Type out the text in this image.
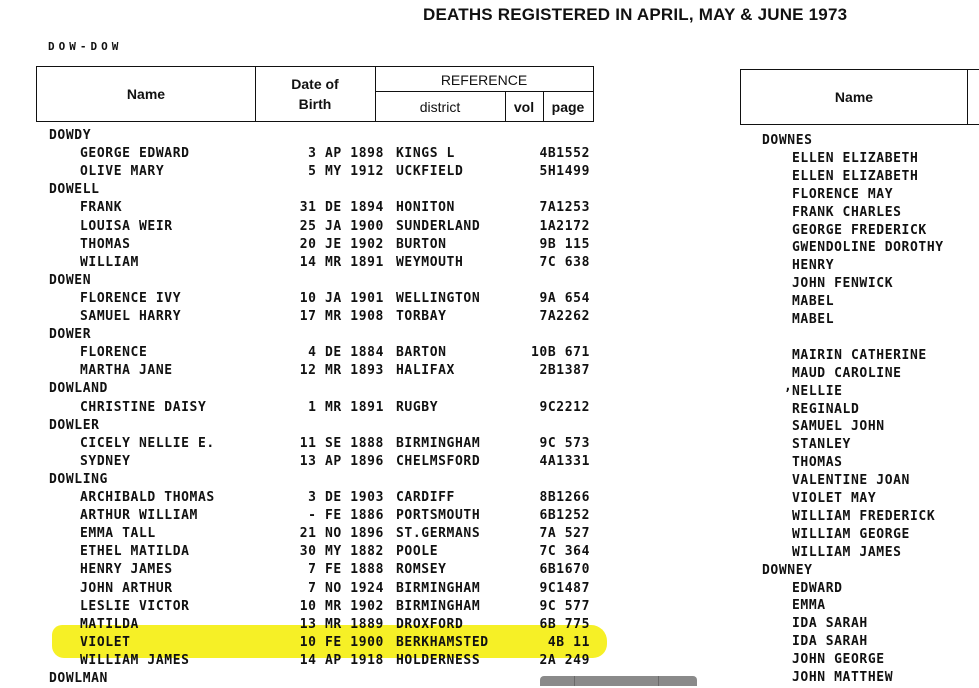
DEATHS REGISTERED IN APRIL, MAY & JUNE 1973
DOW-DOW
Name
Date of
Birth
REFERENCE
district	vol	page
Name
,
DOWDY
GEORGE EDWARD	3 AP 1898 KINGS L	4B1552
OLIVE MARY	5 MY 1912 UCKFIELD	5H1499
DOWELL
FRANK	31 DE 1894 HONITON	7A1253
LOUISA WEIR	25 JA 1900 SUNDERLAND	1A2172
THOMAS	20 JE 1902 BURTON	9B 115
WILLIAM	14 MR 1891 WEYMOUTH	7C 638
DOWEN
FLORENCE IVY	10 JA 1901 WELLINGTON	9A 654
SAMUEL HARRY	17 MR 1908 TORBAY	7A2262
DOWER
FLORENCE	4 DE 1884 BARTON	10B 671
MARTHA JANE	12 MR 1893 HALIFAX	2B1387
DOWLAND
CHRISTINE DAISY	1 MR 1891 RUGBY	9C2212
DOWLER
CICELY NELLIE E.	11 SE 1888 BIRMINGHAM	9C 573
SYDNEY	13 AP 1896 CHELMSFORD	4A1331
DOWLING
ARCHIBALD THOMAS	3 DE 1903 CARDIFF	8B1266
ARTHUR WILLIAM	- FE 1886 PORTSMOUTH	6B1252
EMMA TALL	21 NO 1896 ST.GERMANS	7A 527
ETHEL MATILDA	30 MY 1882 POOLE	7C 364
HENRY JAMES	7 FE 1888 ROMSEY	6B1670
JOHN ARTHUR	7 NO 1924 BIRMINGHAM	9C1487
LESLIE VICTOR	10 MR 1902 BIRMINGHAM	9C 577
MATILDA	13 MR 1889 DROXFORD	6B 775
VIOLET	10 FE 1900 BERKHAMSTED	4B 11
WILLIAM JAMES	14 AP 1918 HOLDERNESS	2A 249
DOWLMAN
DOWNES
ELLEN ELIZABETH
ELLEN ELIZABETH
FLORENCE MAY
FRANK CHARLES
GEORGE FREDERICK
GWENDOLINE DOROTHY
HENRY
JOHN FENWICK
MABEL
MABEL
MAIRIN CATHERINE
MAUD CAROLINE
NELLIE
REGINALD
SAMUEL JOHN
STANLEY
THOMAS
VALENTINE JOAN
VIOLET MAY
WILLIAM FREDERICK
WILLIAM GEORGE
WILLIAM JAMES
DOWNEY
EDWARD
EMMA
IDA SARAH
IDA SARAH
JOHN GEORGE
JOHN MATTHEW
